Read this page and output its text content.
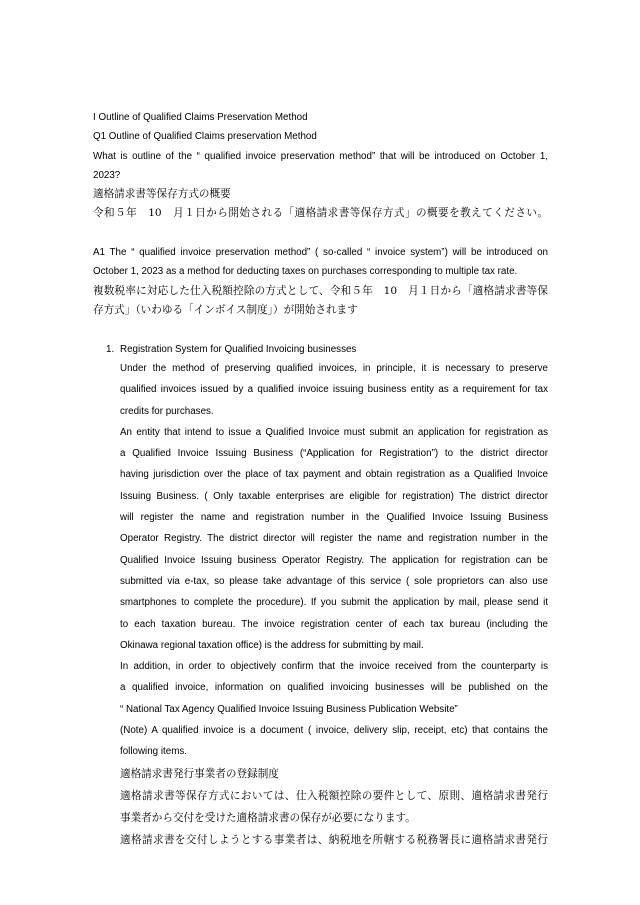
I Outline of Qualified Claims Preservation Method
Q1 Outline of Qualified Claims preservation Method
What is outline of the “ qualified invoice preservation method” that will be introduced on October 1,
2023?
適格請求書等保存方式の概要
令和５年　10　月１日から開始される「適格請求書等保存方式」の概要を教えてください。
A1 The “ qualified invoice preservation method” ( so-called “ invoice system”) will be introduced on
October 1, 2023 as a method for deducting taxes on purchases corresponding to multiple tax rate.
複数税率に対応した仕入税額控除の方式として、令和５年　10　月１日から「適格請求書等保
存方式」（いわゆる「インボイス制度」）が開始されます
1. Registration System for Qualified Invoicing businesses
Under the method of preserving qualified invoices, in principle, it is necessary to preserve
qualified invoices issued by a qualified invoice issuing business entity as a requirement for tax
credits for purchases.
An entity that intend to issue a Qualified Invoice must submit an application for registration as
a Qualified Invoice Issuing Business (“Application for Registration”) to the district director
having jurisdiction over the place of tax payment and obtain registration as a Qualified Invoice
Issuing Business. ( Only taxable enterprises are eligible for registration) The district director
will register the name and registration number in the Qualified Invoice Issuing Business
Operator Registry. The district director will register the name and registration number in the
Qualified Invoice Issuing business Operator Registry. The application for registration can be
submitted via e-tax, so please take advantage of this service ( sole proprietors can also use
smartphones to complete the procedure). If you submit the application by mail, please send it
to each taxation bureau. The invoice registration center of each tax bureau (including the
Okinawa regional taxation office) is the address for submitting by mail.
In addition, in order to objectively confirm that the invoice received from the counterparty is
a qualified invoice, information on qualified invoicing businesses will be published on the
“ National Tax Agency Qualified Invoice Issuing Business Publication Website”
(Note) A qualified invoice is a document ( invoice, delivery slip, receipt, etc) that contains the
following items.
適格請求書発行事業者の登録制度
適格請求書等保存方式においては、仕入税額控除の要件として、原則、適格請求書発行
事業者から交付を受けた適格請求書の保存が必要になります。
適格請求書を交付しようとする事業者は、納税地を所轄する税務署長に適格請求書発行
